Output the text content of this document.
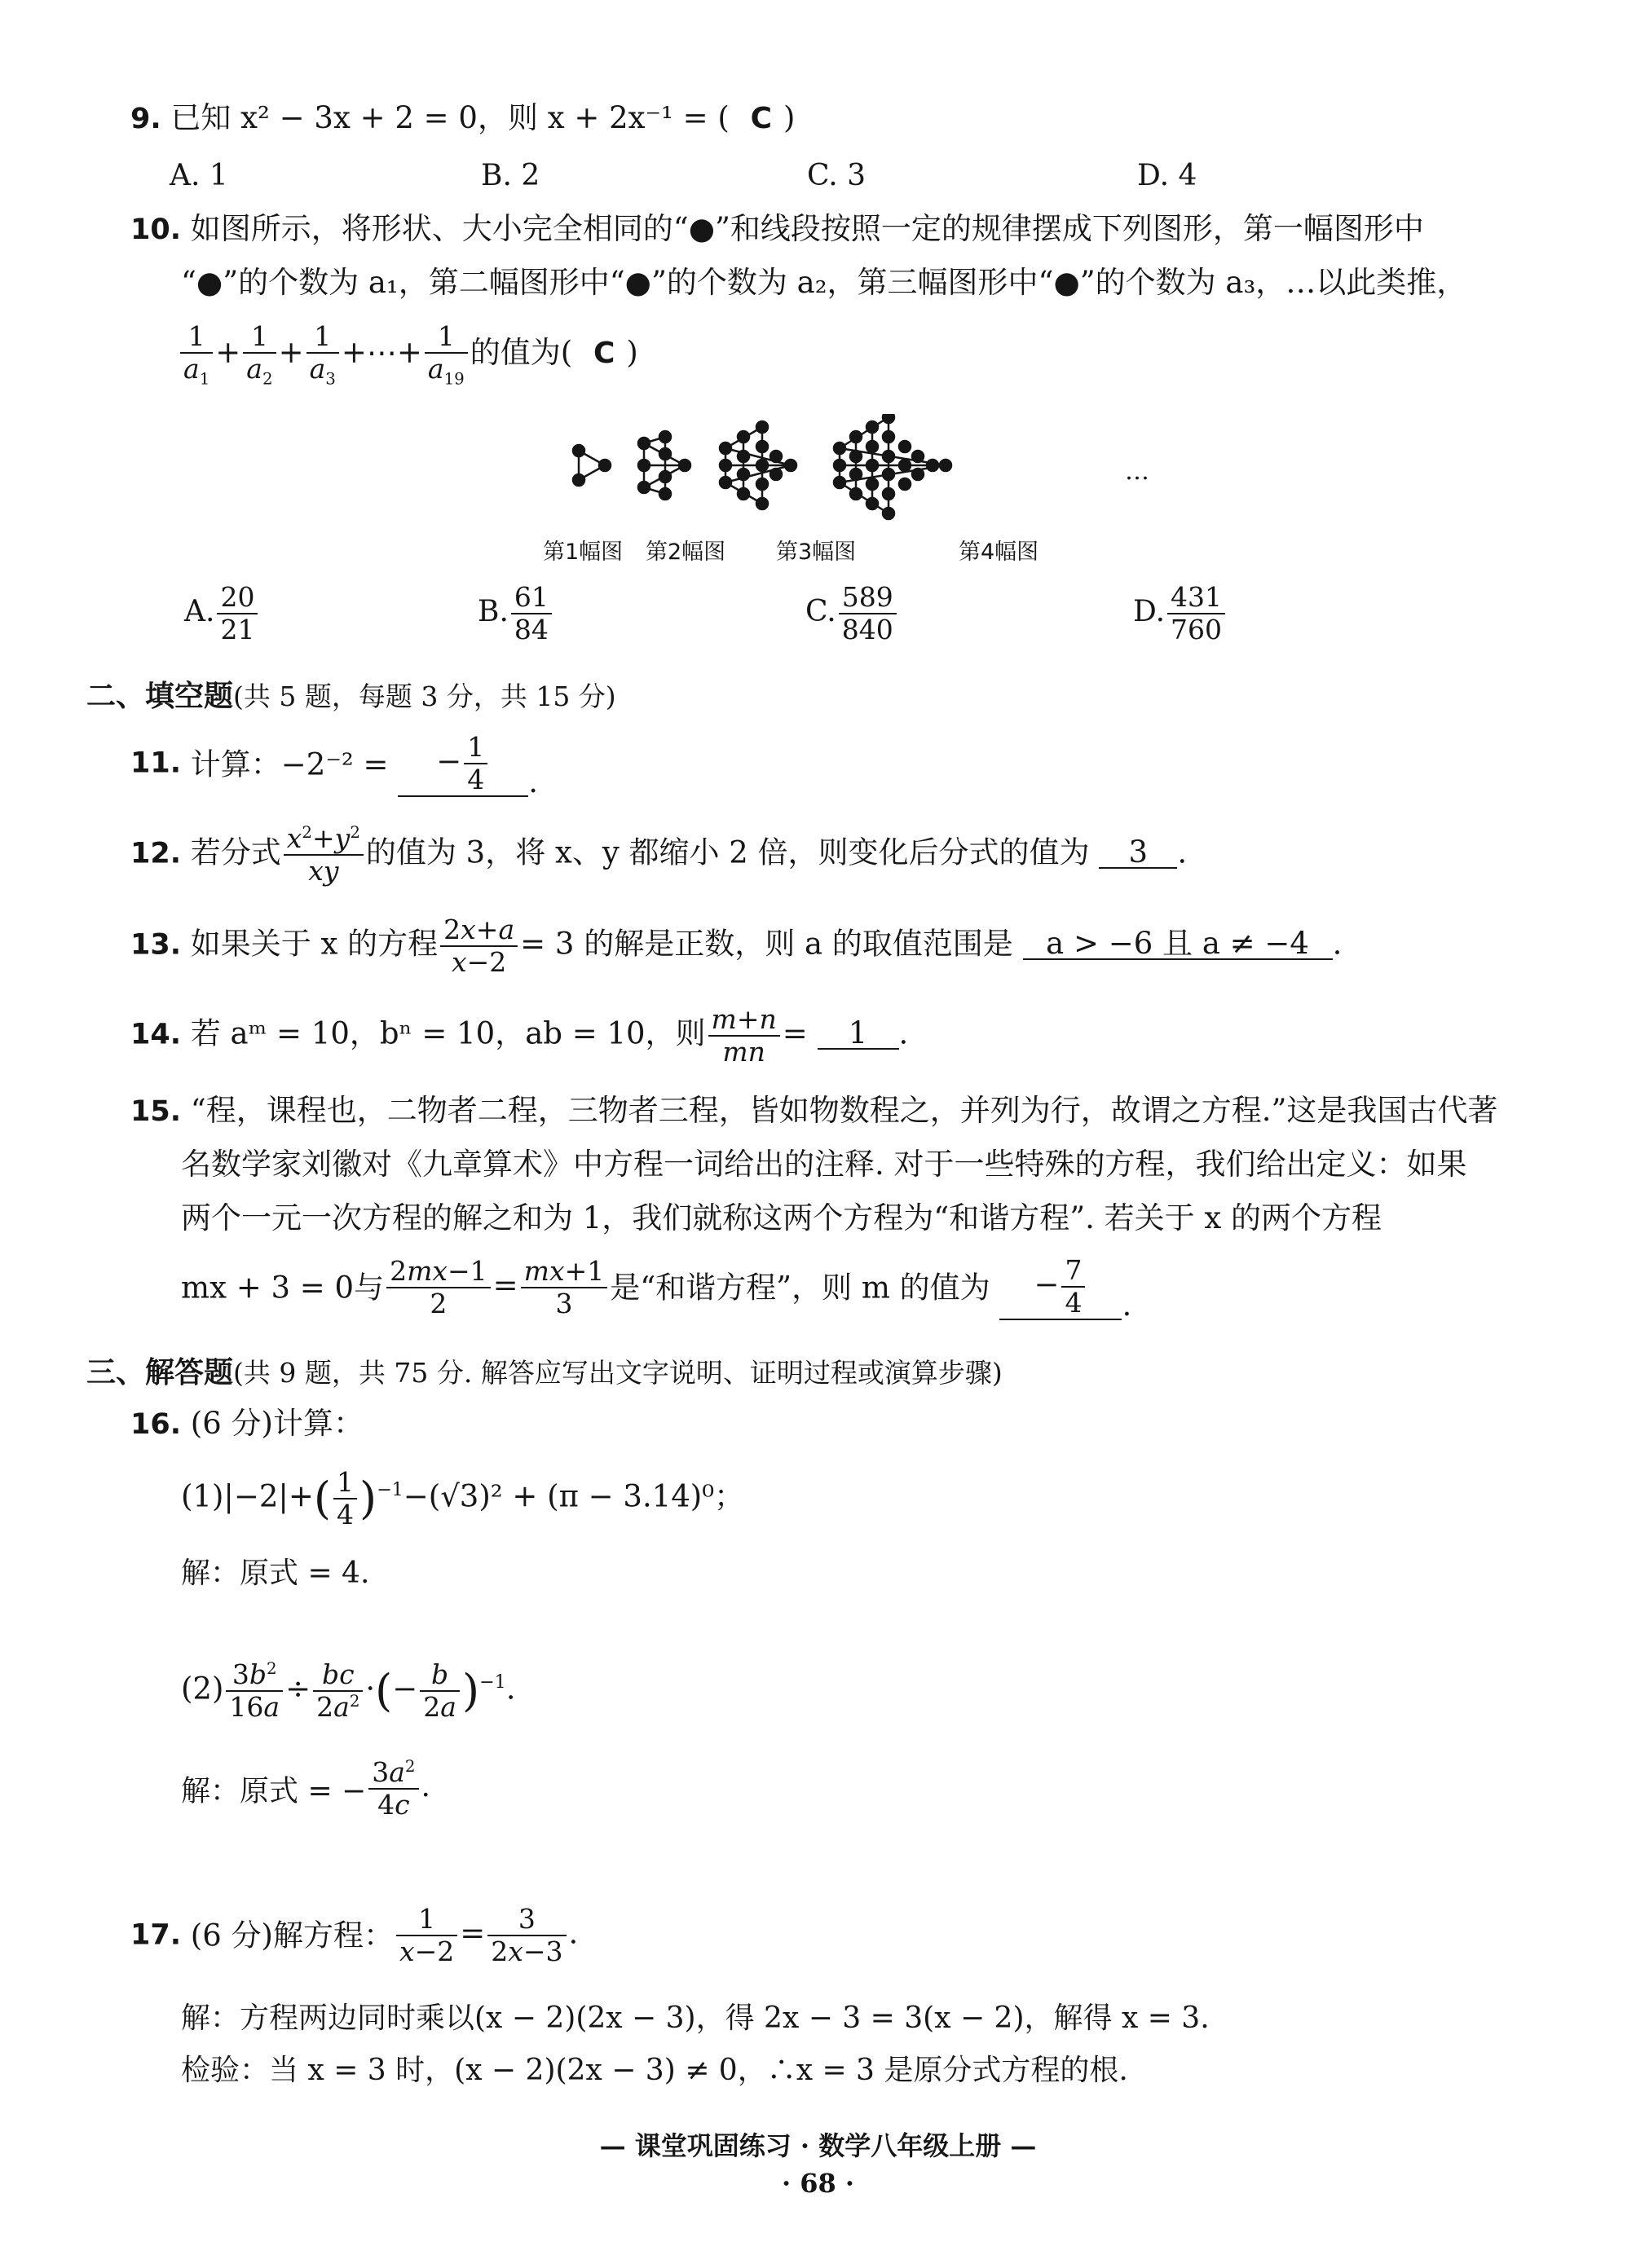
9. 已知 x² − 3x + 2 = 0，则 x + 2x⁻¹ = ( C )
A. 1	B. 2	C. 3	D. 4
10. 如图所示，将形状、大小完全相同的“●”和线段按照一定的规律摆成下列图形，第一幅图形中
“●”的个数为 a₁，第二幅图形中“●”的个数为 a₂，第三幅图形中“●”的个数为 a₃，…以此类推，
$\frac{1}{a_1} + \frac{1}{a_2} + \frac{1}{a_3}$ +⋯+ $\frac{1}{a_{19}}$ 的值为( C )
…
第1幅图 第2幅图 第3幅图	第4幅图
A. $\frac{20}{21}$	B. $\frac{61}{84}$	C. $\frac{589}{840}$	D. $\frac{431}{760}$
二、填空题(共 5 题，每题 3 分，共 15 分)
11. 计算：−2⁻² = − $\frac{1}{4}$ .
12. 若分式 $\frac{x^2+y^2}{xy}$ 的值为 3，将 x、y 都缩小 2 倍，则变化后分式的值为 3 .
13. 如果关于 x 的方程 $\frac{2x+a}{x-2} = 3$ 的解是正数，则 a 的取值范围是 a > −6 且 a ≠ −4 .
14. 若 aᵐ = 10，bⁿ = 10，ab = 10，则 $\frac{m+n}{mn} = 1$ .
15. “程，课程也，二物者二程，三物者三程，皆如物数程之，并列为行，故谓之方程.”这是我国古代著
名数学家刘徽对《九章算术》中方程一词给出的注释. 对于一些特殊的方程，我们给出定义：如果
两个一元一次方程的解之和为 1，我们就称这两个方程为“和谐方程”. 若关于 x 的两个方程
mx + 3 = 0与 $\frac{2mx-1}{2} = \frac{mx+1}{3}$ 是“和谐方程”，则 m 的值为 − $\frac{7}{4}$ .
三、解答题(共 9 题，共 75 分. 解答应写出文字说明、证明过程或演算步骤)
16. (6 分)计算：
$(1)|-2|+( \frac{1}{4} )^{-1}-(√3)^2 + (\pi - 3.14)^0$；
解：原式 = 4.
$(2) \frac{3b^2}{16a} \div \frac{bc}{2a^2}$ ·(− $\frac{b}{2a} )^{-1}$.
解：原式 = − $\frac{3a^2}{4c}$ .
17. (6 分)解方程： $\frac{1}{x-2} = \frac{3}{2x-3}$ .
解：方程两边同时乘以(x − 2)(2x − 3)，得 2x − 3 = 3(x − 2)，解得 x = 3.
检验：当 x = 3 时，(x − 2)(2x − 3) ≠ 0，∴x = 3 是原分式方程的根.
— 课堂巩固练习 · 数学八年级上册 —
· 68 ·
